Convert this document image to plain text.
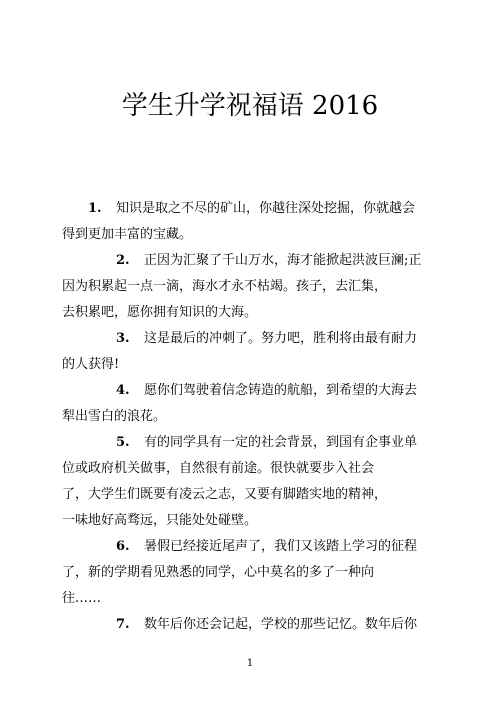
学生升学祝福语 2016
1. 知识是取之不尽的矿山，你越往深处挖掘，你就越会
得到更加丰富的宝藏。
2. 正因为汇聚了千山万水，海才能掀起洪波巨澜;正
因为积累起一点一滴，海水才永不枯竭。孩子，去汇集，
去积累吧，愿你拥有知识的大海。
3. 这是最后的冲刺了。努力吧，胜利将由最有耐力
的人获得!
4. 愿你们驾驶着信念铸造的航船，到希望的大海去
犁出雪白的浪花。
5. 有的同学具有一定的社会背景，到国有企事业单
位或政府机关做事，自然很有前途。很快就要步入社会
了，大学生们既要有凌云之志，又要有脚踏实地的精神，
一味地好高骛远，只能处处碰壁。
6. 暑假已经接近尾声了，我们又该踏上学习的征程
了，新的学期看见熟悉的同学，心中莫名的多了一种向
往……
7. 数年后你还会记起，学校的那些记忆。数年后你
1
